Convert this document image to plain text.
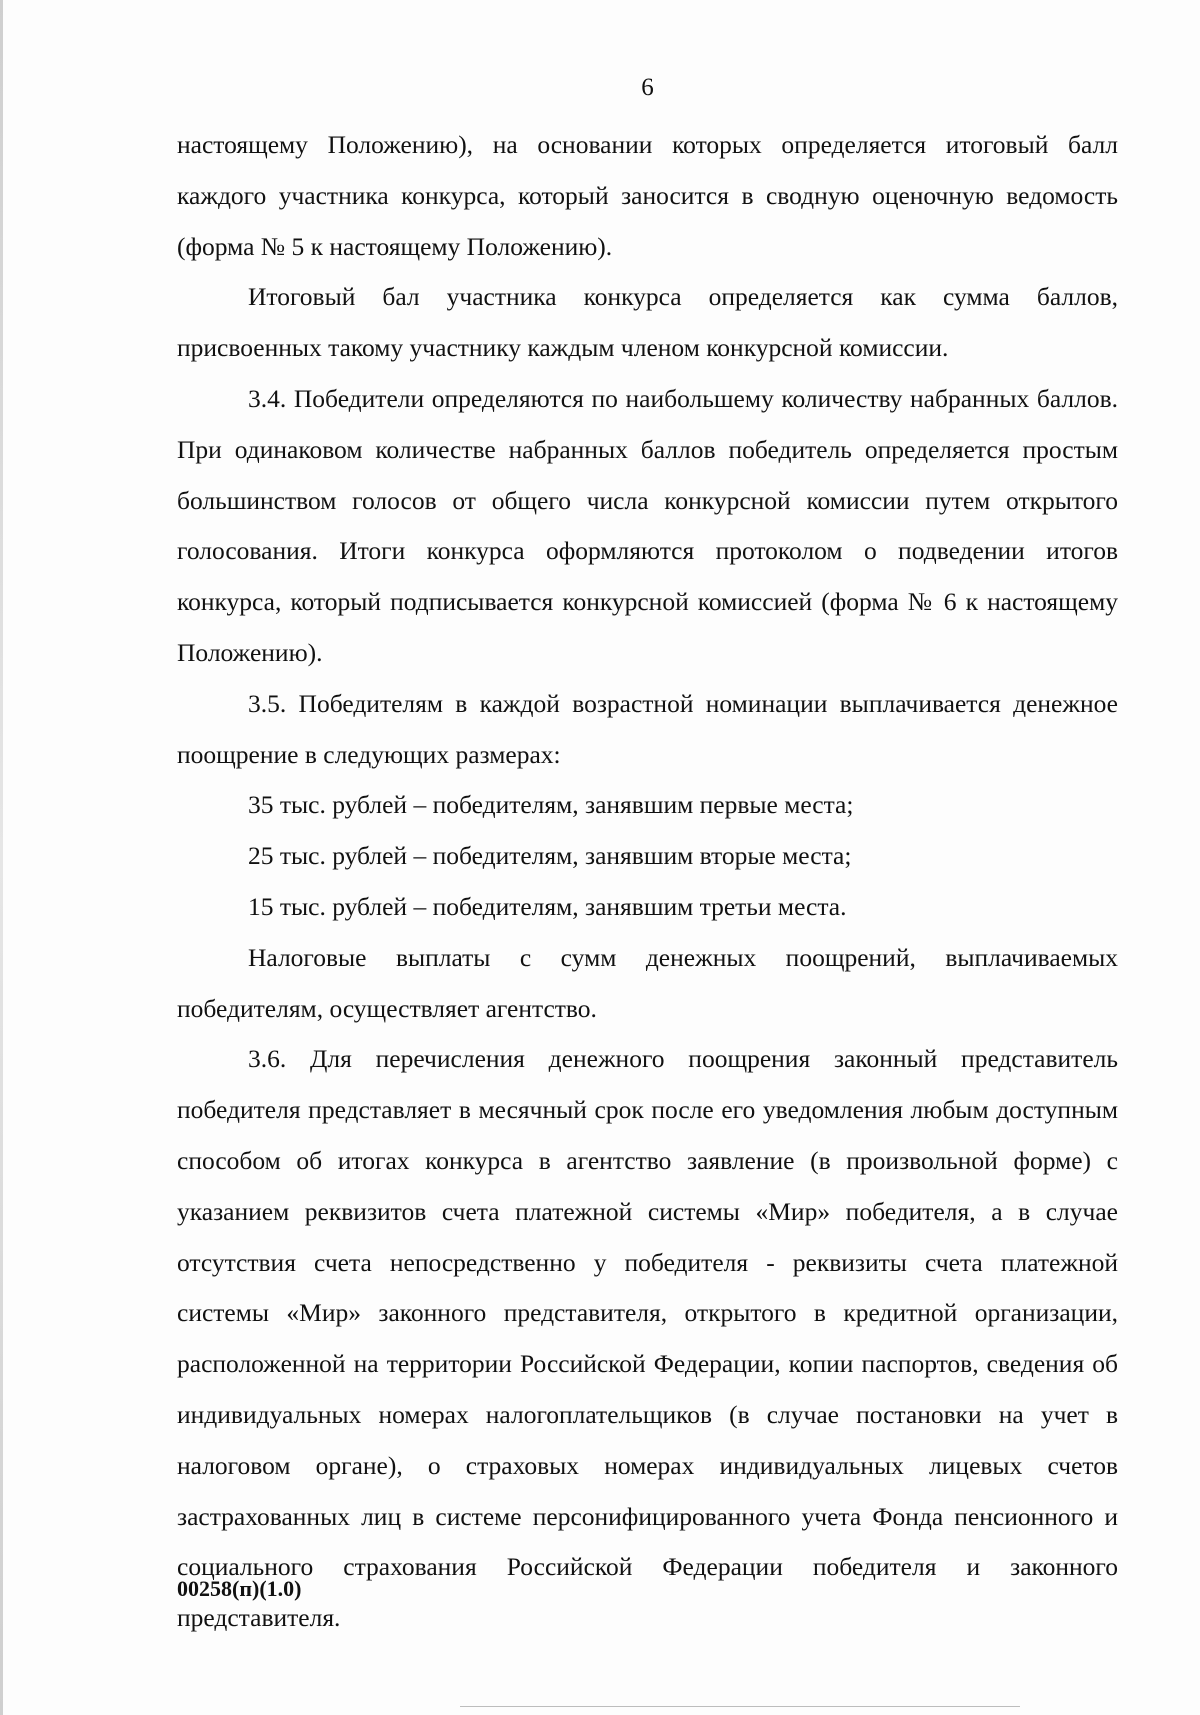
6

настоящему Положению), на основании которых определяется итоговый балл каждого участника конкурса, который заносится в сводную оценочную ведомость (форма № 5 к настоящему Положению).

Итоговый бал участника конкурса определяется как сумма баллов, присвоенных такому участнику каждым членом конкурсной комиссии.

3.4. Победители определяются по наибольшему количеству набранных баллов. При одинаковом количестве набранных баллов победитель определяется простым большинством голосов от общего числа конкурсной комиссии путем открытого голосования. Итоги конкурса оформляются протоколом о подведении итогов конкурса, который подписывается конкурсной комиссией (форма № 6 к настоящему Положению).

3.5. Победителям в каждой возрастной номинации выплачивается денежное поощрение в следующих размерах:

35 тыс. рублей – победителям, занявшим первые места;

25 тыс. рублей – победителям, занявшим вторые места;

15 тыс. рублей – победителям, занявшим третьи места.

Налоговые выплаты с сумм денежных поощрений, выплачиваемых победителям, осуществляет агентство.

3.6. Для перечисления денежного поощрения законный представитель победителя представляет в месячный срок после его уведомления любым доступным способом об итогах конкурса в агентство заявление (в произвольной форме) с указанием реквизитов счета платежной системы «Мир» победителя, а в случае отсутствия счета непосредственно у победителя - реквизиты счета платежной системы «Мир» законного представителя, открытого в кредитной организации, расположенной на территории Российской Федерации, копии паспортов, сведения об индивидуальных номерах налогоплательщиков (в случае постановки на учет в налоговом органе), о страховых номерах индивидуальных лицевых счетов застрахованных лиц в системе персонифицированного учета Фонда пенсионного и социального страхования Российской Федерации победителя и законного представителя.

00258(п)(1.0)
